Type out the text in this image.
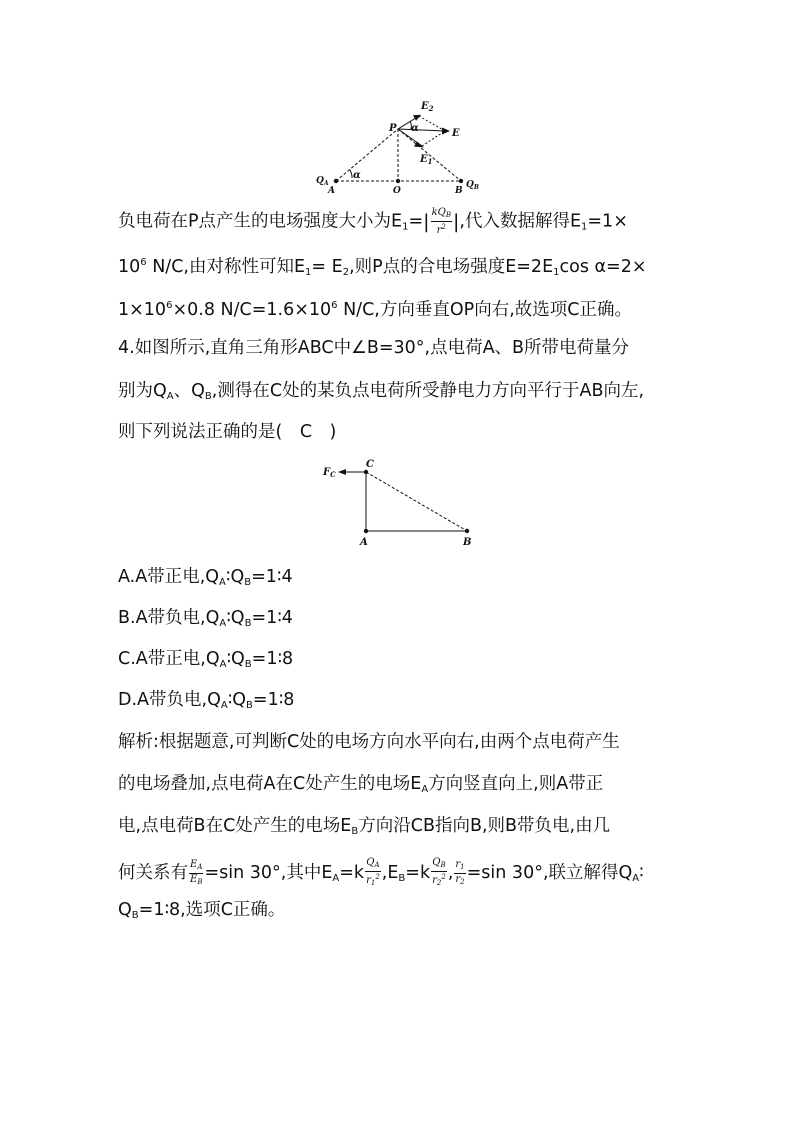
$E_2$
P α	E
$E_1$
$Q_A$
A
α
O	B
$Q_B$
负电荷在P点产生的电场强度大小为$E_1=| \frac{kQ_B}{r^2}$ |,代入数据解得$E_1=1\times$
$10^6$ N/C,由对称性可知$E_1= E_2$,则P点的合电场强度$E=2E_1\cos$ α=2×
$1\times 10^6\times 0.8$ $N/C=1.6\times 10^6$ N/C,方向垂直OP向右,故选项C正确。
4.如图所示,直角三角形ABC中∠B=30°,点电荷A、B所带电荷量分
别为$Q_A$、$Q_B$,测得在C处的某负点电荷所受静电力方向平行于AB向左,
则下列说法正确的是(　C　)
$F_C$
C
A	B
A.A带正电$,Q_A∶Q_B=1∶4$
B.A带负电$,Q_A∶Q_B=1∶4$
C.A带正电$,Q_A∶Q_B=1∶8$
D.A带负电$,Q_A∶Q_B=1∶8$
解析:根据题意,可判断C处的电场方向水平向右,由两个点电荷产生
的电场叠加,点电荷A在C处产生的电场$E_A$方向竖直向上,则A带正
电,点电荷B在C处产生的电场$E_B$方向沿CB指向B,则B带负电,由几
何关系有 $\frac{E_A}{E_B} =\sin$ 30°,其中$E_A=k \frac{Q_A}{r_1^2} ,E_B=k \frac{Q_B}{r_2^2}$ , $\frac{r_1}{r_2} =\sin$ 30°,联立解得$Q_A∶$
$Q_B=1∶8$,选项C正确。
